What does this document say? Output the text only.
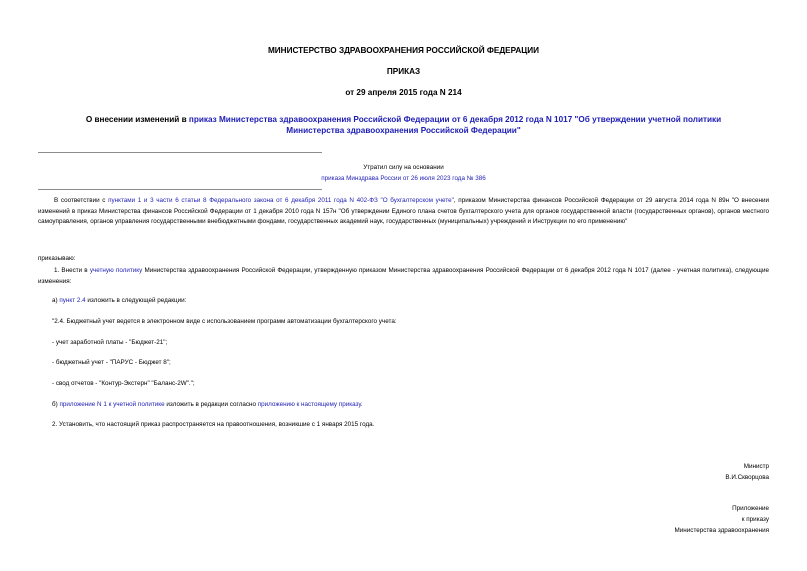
МИНИСТЕРСТВО ЗДРАВООХРАНЕНИЯ РОССИЙСКОЙ ФЕДЕРАЦИИ
ПРИКАЗ
от 29 апреля 2015 года N 214
О внесении изменений в приказ Министерства здравоохранения Российской Федерации от 6 декабря 2012 года N 1017 "Об утверждении учетной политики Министерства здравоохранения Российской Федерации"
Утратил силу на основании
приказа Минздрава России от 26 июля 2023 года № 386
В соответствии с пунктами 1 и 3 части 6 статьи 8 Федерального закона от 6 декабря 2011 года N 402-ФЗ "О бухгалтерском учете", приказом Министерства финансов Российской Федерации от 29 августа 2014 года N 89н "О внесении изменений в приказ Министерства финансов Российской Федерации от 1 декабря 2010 года N 157н "Об утверждении Единого плана счетов бухгалтерского учета для органов государственной власти (государственных органов), органов местного самоуправления, органов управления государственными внебюджетными фондами, государственных академий наук, государственных (муниципальных) учреждений и Инструкции по его применению"
приказываю:
1. Внести в учетную политику Министерства здравоохранения Российской Федерации, утвержденную приказом Министерства здравоохранения Российской Федерации от 6 декабря 2012 года N 1017 (далее - учетная политика), следующие изменения:
а) пункт 2.4 изложить в следующей редакции:
"2.4. Бюджетный учет ведется в электронном виде с использованием программ автоматизации бухгалтерского учета:
- учет заработной платы - "Бюджет-21";
- бюджетный учет - "ПАРУС - Бюджет 8";
- свод отчетов - "Контур-Экстерн" "Баланс-2W".";
б) приложение N 1 к учетной политике изложить в редакции согласно приложению к настоящему приказу.
2. Установить, что настоящий приказ распространяется на правоотношения, возникшие с 1 января 2015 года.
Министр
В.И.Скворцова
Приложение
к приказу
Министерства здравоохранения
